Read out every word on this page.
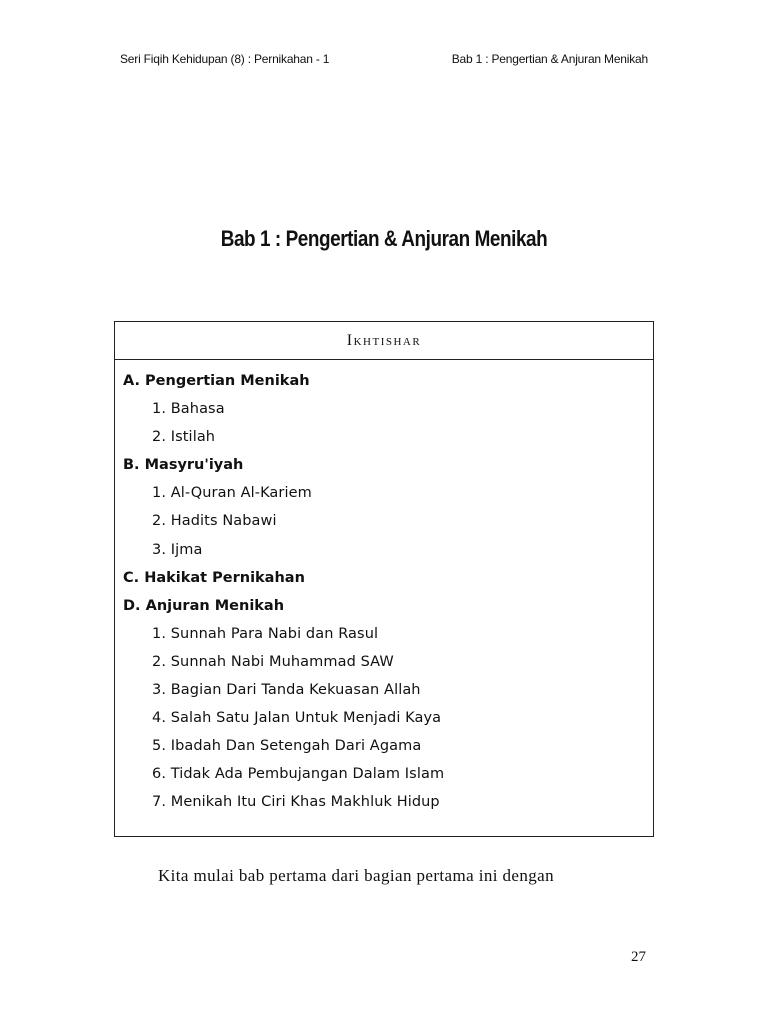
Seri Fiqih Kehidupan (8) : Pernikahan - 1	Bab 1 : Pengertian & Anjuran Menikah
Bab 1 : Pengertian & Anjuran Menikah
Ikhtishar
A. Pengertian Menikah
1. Bahasa
2. Istilah
B. Masyru'iyah
1. Al-Quran Al-Kariem
2. Hadits Nabawi
3. Ijma
C. Hakikat Pernikahan
D. Anjuran Menikah
1. Sunnah Para Nabi dan Rasul
2. Sunnah Nabi Muhammad SAW
3. Bagian Dari Tanda Kekuasan Allah
4. Salah Satu Jalan Untuk Menjadi Kaya
5. Ibadah Dan Setengah Dari Agama
6. Tidak Ada Pembujangan Dalam Islam
7. Menikah Itu Ciri Khas Makhluk Hidup
Kita mulai bab pertama dari bagian pertama ini dengan
27
